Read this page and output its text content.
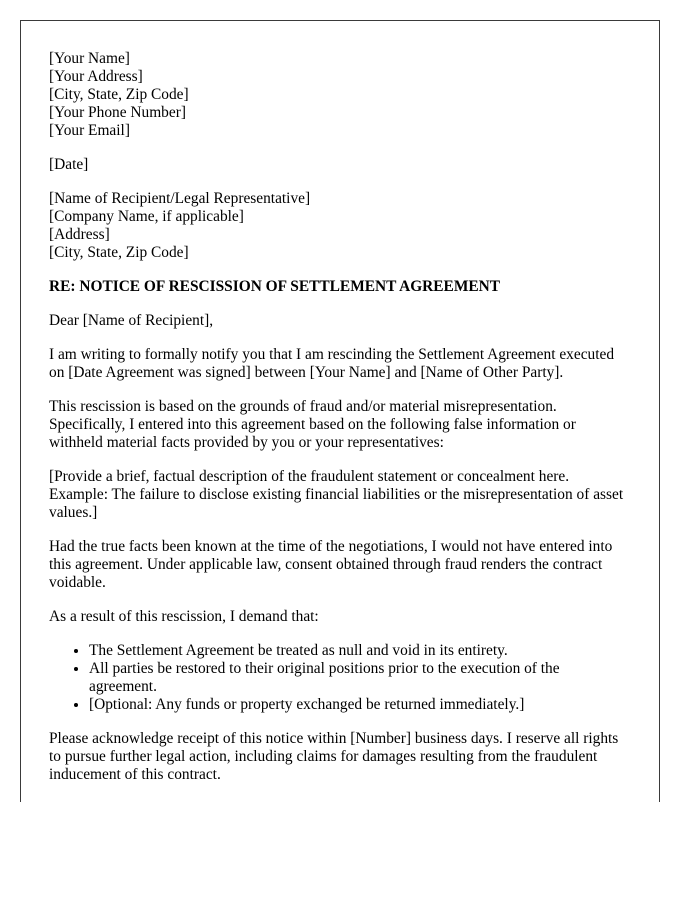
[Your Name]
[Your Address]
[City, State, Zip Code]
[Your Phone Number]
[Your Email]
[Date]
[Name of Recipient/Legal Representative]
[Company Name, if applicable]
[Address]
[City, State, Zip Code]
RE: NOTICE OF RESCISSION OF SETTLEMENT AGREEMENT

Dear [Name of Recipient],

I am writing to formally notify you that I am rescinding the Settlement Agreement executed on [Date Agreement was signed] between [Your Name] and [Name of Other Party].

This rescission is based on the grounds of fraud and/or material misrepresentation. Specifically, I entered into this agreement based on the following false information or withheld material facts provided by you or your representatives:

[Provide a brief, factual description of the fraudulent statement or concealment here. Example: The failure to disclose existing financial liabilities or the misrepresentation of asset values.]

Had the true facts been known at the time of the negotiations, I would not have entered into this agreement. Under applicable law, consent obtained through fraud renders the contract voidable.

As a result of this rescission, I demand that:

• The Settlement Agreement be treated as null and void in its entirety.
• All parties be restored to their original positions prior to the execution of the agreement.
• [Optional: Any funds or property exchanged be returned immediately.]

Please acknowledge receipt of this notice within [Number] business days. I reserve all rights to pursue further legal action, including claims for damages resulting from the fraudulent inducement of this contract.
